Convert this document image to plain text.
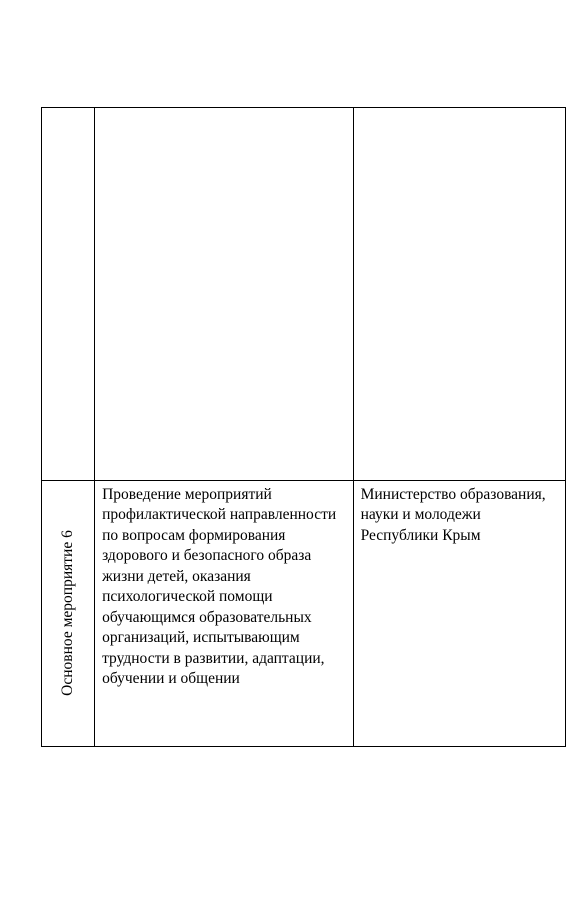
Основное мероприятие 6	Проведение мероприятий профилактической направленности по вопросам формирования здорового и безопасного образа жизни детей, оказания психологической помощи обучающимся образовательных организаций, испытывающим трудности в развитии, адаптации, обучении и общении	Министерство образования, науки и молодежи Республики Крым
